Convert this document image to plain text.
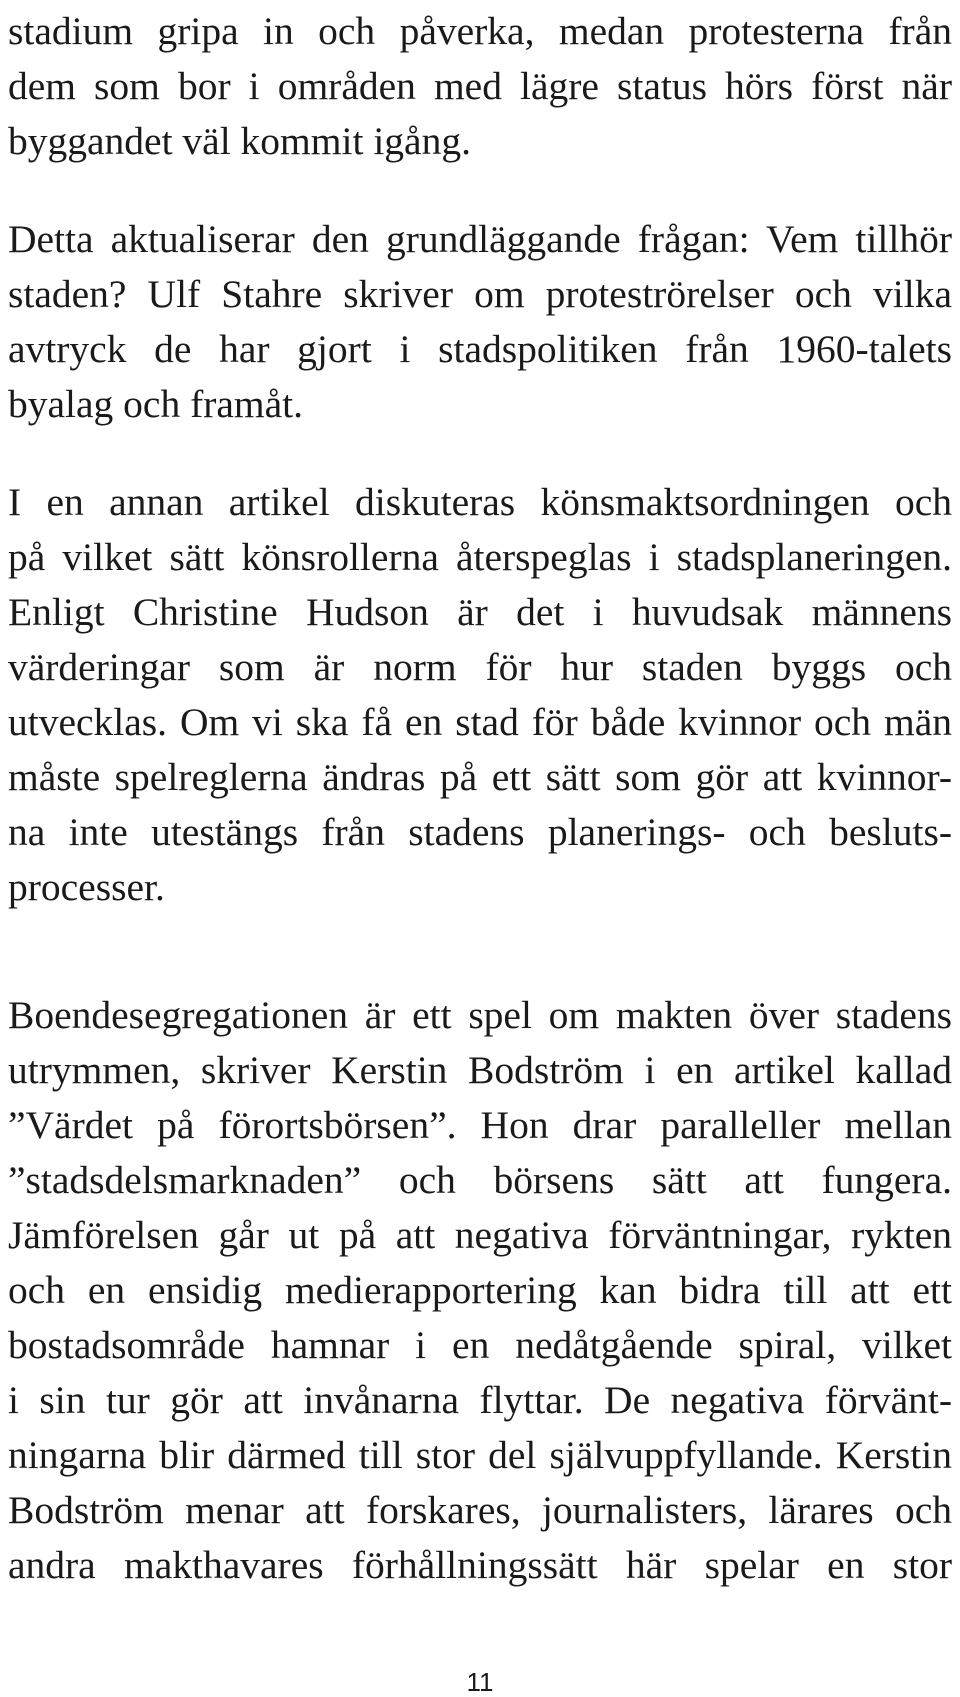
stadium gripa in och påverka, medan protesterna från
dem som bor i områden med lägre status hörs först när
byggandet väl kommit igång.
Detta aktualiserar den grundläggande frågan: Vem tillhör
staden? Ulf Stahre skriver om proteströrelser och vilka
avtryck de har gjort i stadspolitiken från 1960-talets
byalag och framåt.
I en annan artikel diskuteras könsmaktsordningen och
på vilket sätt könsrollerna återspeglas i stadsplaneringen.
Enligt Christine Hudson är det i huvudsak männens
värderingar som är norm för hur staden byggs och
utvecklas. Om vi ska få en stad för både kvinnor och män
måste spelreglerna ändras på ett sätt som gör att kvinnor-
na inte utestängs från stadens planerings- och besluts-
processer.
Boendesegregationen är ett spel om makten över stadens
utrymmen, skriver Kerstin Bodström i en artikel kallad
”Värdet på förortsbörsen”. Hon drar paralleller mellan
”stadsdelsmarknaden” och börsens sätt att fungera.
Jämförelsen går ut på att negativa förväntningar, rykten
och en ensidig medierapportering kan bidra till att ett
bostadsområde hamnar i en nedåtgående spiral, vilket
i sin tur gör att invånarna flyttar. De negativa förvänt-
ningarna blir därmed till stor del självuppfyllande. Kerstin
Bodström menar att forskares, journalisters, lärares och
andra makthavares förhållningssätt här spelar en stor
11
